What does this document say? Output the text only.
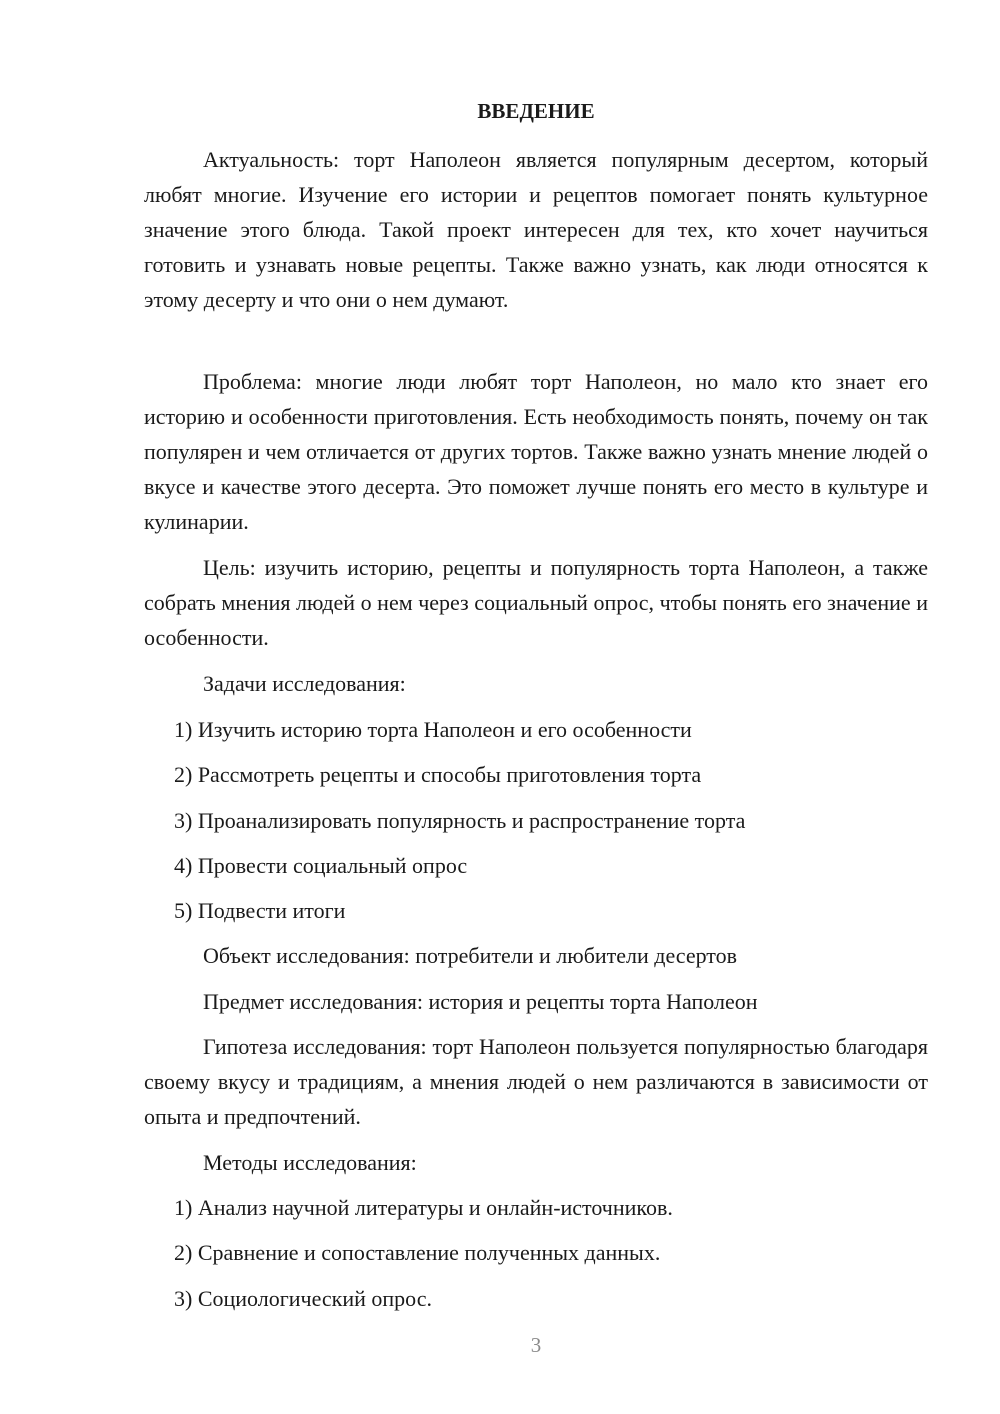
ВВЕДЕНИЕ

Актуальность: торт Наполеон является популярным десертом, который любят многие. Изучение его истории и рецептов помогает понять культурное значение этого блюда. Такой проект интересен для тех, кто хочет научиться готовить и узнавать новые рецепты. Также важно узнать, как люди относятся к этому десерту и что они о нем думают.

Проблема: многие люди любят торт Наполеон, но мало кто знает его историю и особенности приготовления. Есть необходимость понять, почему он так популярен и чем отличается от других тортов. Также важно узнать мнение людей о вкусе и качестве этого десерта. Это поможет лучше понять его место в культуре и кулинарии.

Цель: изучить историю, рецепты и популярность торта Наполеон, а также собрать мнения людей о нем через социальный опрос, чтобы понять его значение и особенности.

Задачи исследования:

1) Изучить историю торта Наполеон и его особенности

2) Рассмотреть рецепты и способы приготовления торта

3) Проанализировать популярность и распространение торта

4) Провести социальный опрос

5) Подвести итоги

Объект исследования: потребители и любители десертов

Предмет исследования: история и рецепты торта Наполеон

Гипотеза исследования: торт Наполеон пользуется популярностью благодаря своему вкусу и традициям, а мнения людей о нем различаются в зависимости от опыта и предпочтений.

Методы исследования:

1) Анализ научной литературы и онлайн-источников.

2) Сравнение и сопоставление полученных данных.

3) Социологический опрос.

3
